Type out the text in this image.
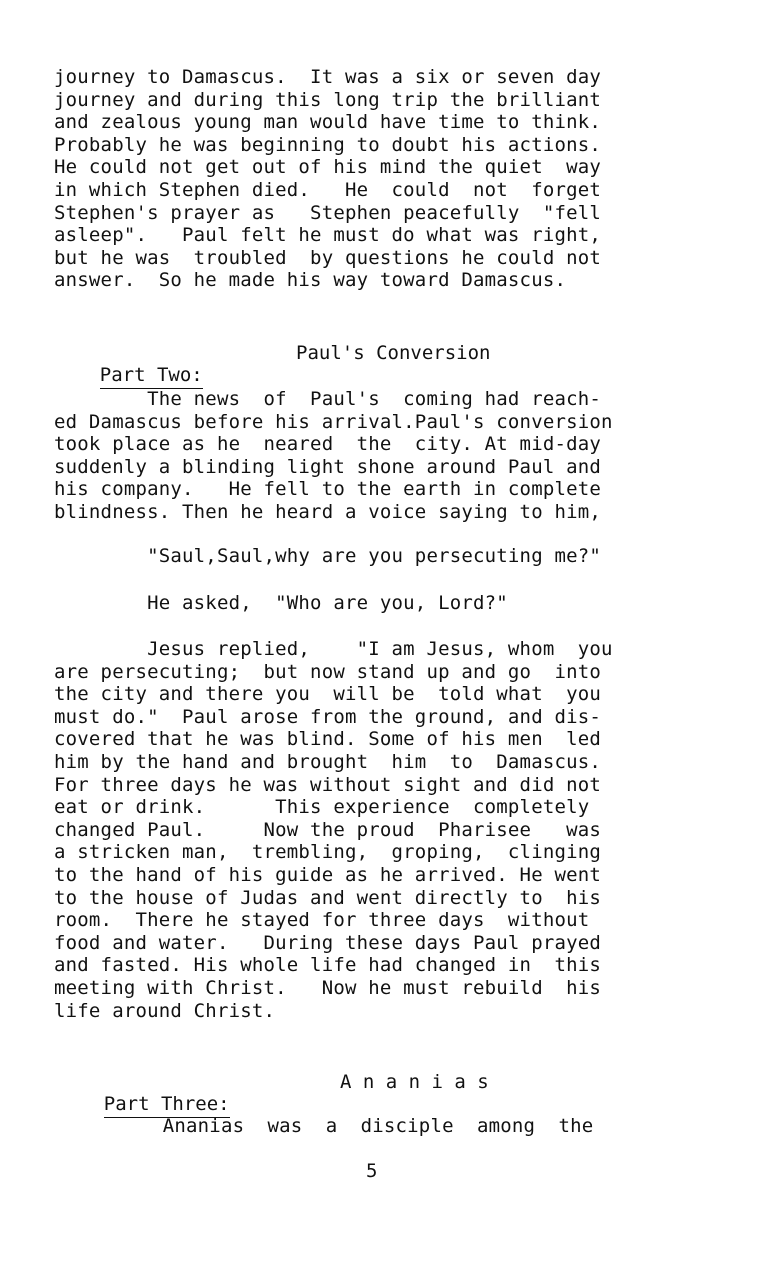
journey to Damascus.  It was a six or seven day
journey and during this long trip the brilliant
and zealous young man would have time to think.
Probably he was beginning to doubt his actions.
He could not get out of his mind the quiet  way
in which Stephen died.   He  could  not  forget
Stephen's prayer as   Stephen peacefully  "fell
asleep".   Paul felt he must do what was right,
but he was  troubled  by questions he could not
answer.  So he made his way toward Damascus.

Part Two:

Paul's Conversion

The news  of  Paul's  coming had reach-
ed Damascus before his arrival.Paul's conversion
took place as he  neared  the  city. At mid-day
suddenly a blinding light shone around Paul and
his company.   He fell to the earth in complete
blindness. Then he heard a voice saying to him,

"Saul,Saul,why are you persecuting me?"

He asked,  "Who are you, Lord?"

Jesus replied,    "I am Jesus, whom  you
are persecuting;  but now stand up and go  into
the city and there you  will be  told what  you
must do."  Paul arose from the ground, and dis-
covered that he was blind. Some of his men  led
him by the hand and brought  him  to  Damascus.
For three days he was without sight and did not
eat or drink.      This experience  completely
changed Paul.     Now the proud  Pharisee   was
a stricken man,  trembling,  groping,  clinging
to the hand of his guide as he arrived. He went
to the house of Judas and went directly to  his
room.  There he stayed for three days  without
food and water.   During these days Paul prayed
and fasted. His whole life had changed in  this
meeting with Christ.   Now he must rebuild  his
life around Christ.

Part Three:

A n a n i a s

Ananias  was  a  disciple  among  the

5
